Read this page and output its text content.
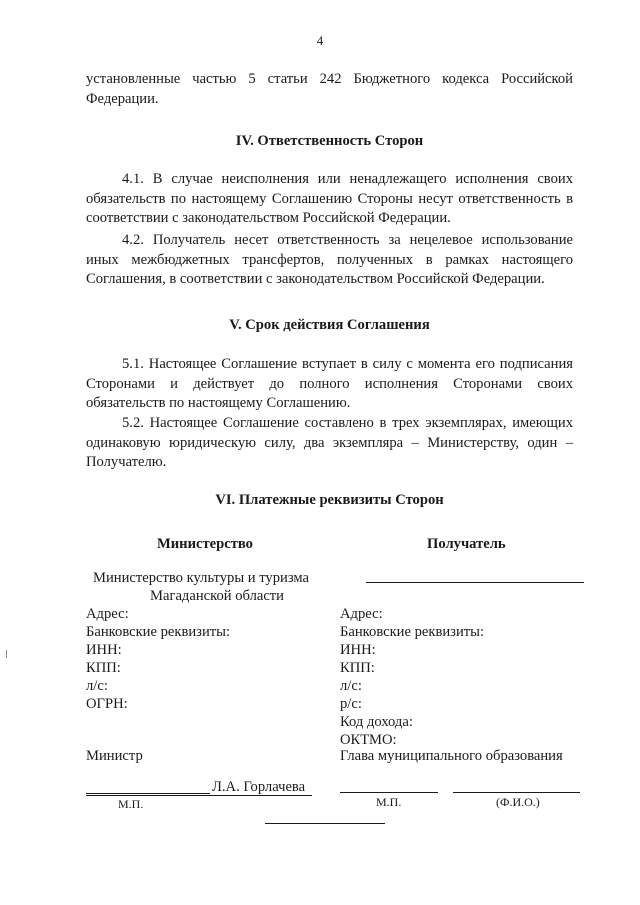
4
установленные частью 5 статьи 242 Бюджетного кодекса Российской
Федерации.
IV. Ответственность Сторон
4.1. В случае неисполнения или ненадлежащего исполнения своих обязательств по настоящему Соглашению Стороны несут ответственность в соответствии с законодательством Российской Федерации.
4.2. Получатель несет ответственность за нецелевое использование иных межбюджетных трансфертов, полученных в рамках настоящего Соглашения, в соответствии с законодательством Российской Федерации.
V. Срок действия Соглашения
5.1. Настоящее Соглашение вступает в силу с момента его подписания Сторонами и действует до полного исполнения Сторонами своих обязательств по настоящему Соглашению.
5.2. Настоящее Соглашение составлено в трех экземплярах, имеющих одинаковую юридическую силу, два экземпляра – Министерству, один – Получателю.
VI. Платежные реквизиты Сторон
Министерство
Министерство культуры и туризма
Магаданской области
Адрес:
Банковские реквизиты:
ИНН:
КПП:
л/с:
ОГРН:
Министр
Л.А. Горлачева
М.П.
Получатель
Адрес:
Банковские реквизиты:
ИНН:
КПП:
л/с:
р/с:
Код дохода:
ОКТМО:
Глава муниципального образования
М.П.	(Ф.И.О.)
